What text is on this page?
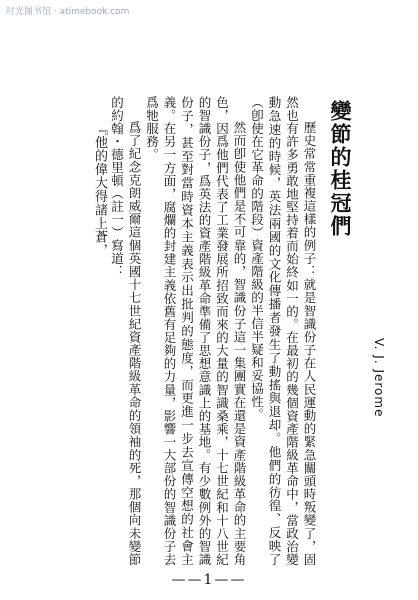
时光图书馆 · atimebook.com
V. J. Jerome
變節的桂冠們

歷史常常重複這樣的例子：就是智識份子在人民運動的緊急關頭時叛變了，固然也有許多勇敢地堅持着而始終如一的。在最初的幾個資產階級革命中，當政治變動急速的時候，英法兩國的文化傳播者發生了動搖與退却。他們的彷徨、反映了（卽使在它革命的階段）資產階級的半信半疑和妥協性。

然而卽使他們是不可靠的，智識份子這一集團實在還是資產階級革命的主要角色，因爲他們代表了工業發展所招致而來的大量的智識桑乘，十七世紀和十八世紀的智識份子，爲英法的資產階級革命準備了思想意識上的基地。有少數例外的智識份子，甚至對當時資本主義表示出批判的態度，而更進一步去宣傳空想的社會主義。在另一方面，腐爛的封建主義依舊有足夠的力量，影響一大部份的智識份子去爲牠服務。

爲了紀念克朗威爾這個英國十七世紀資產階級革命的領袖的死，那個向未變節的約翰・德里頓（註一）寫道：

『他的偉大得諸上蒼，

——1——
